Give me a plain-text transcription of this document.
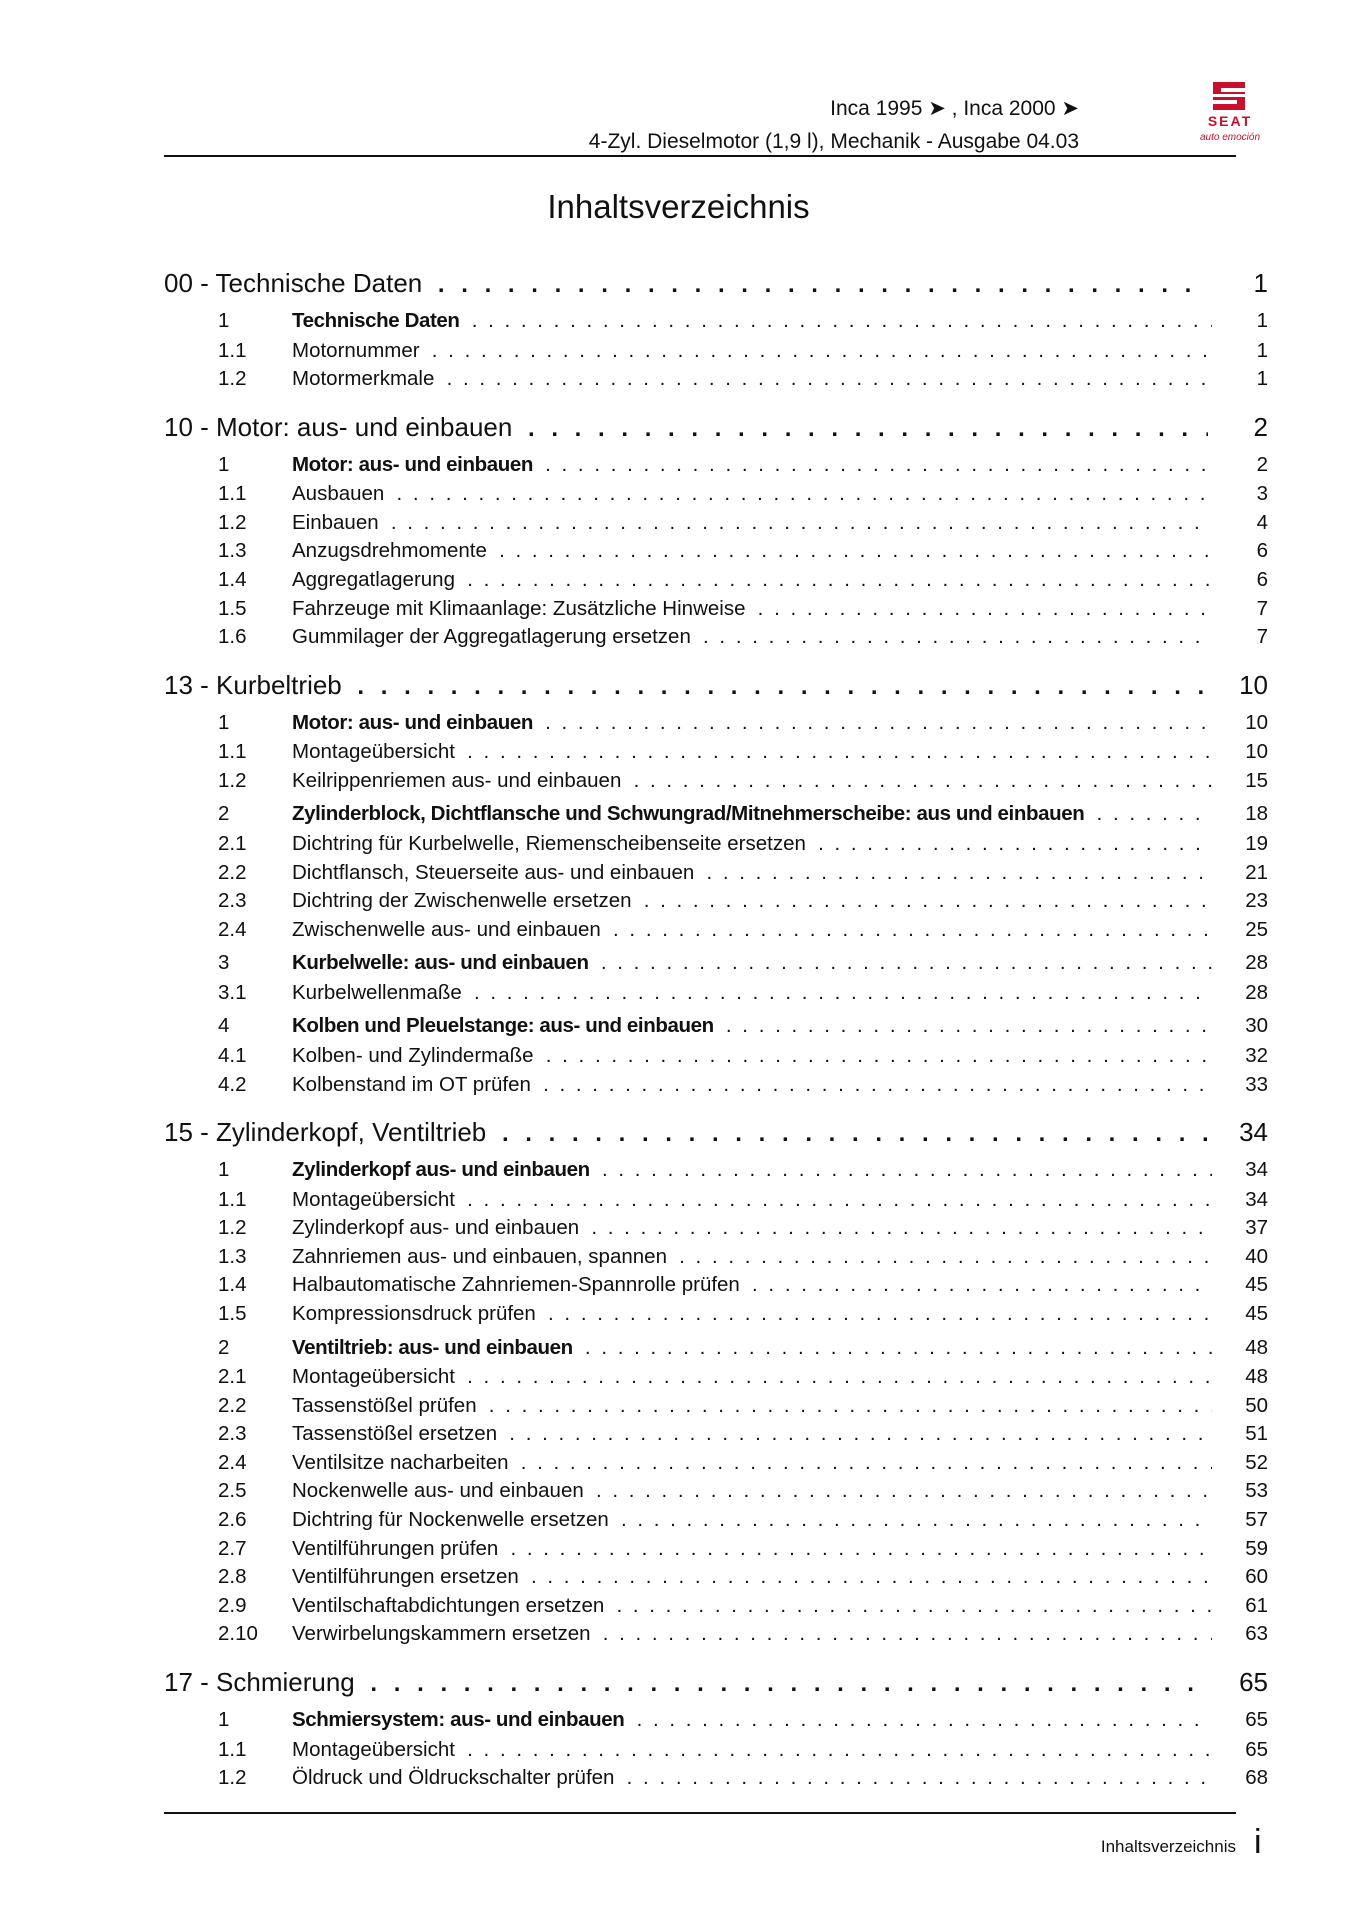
Inca 1995 ➤ , Inca 2000 ➤
4-Zyl. Dieselmotor (1,9 l), Mechanik - Ausgabe 04.03
SEAT
auto emoción
Inhaltsverzeichnis
00 - Technische Daten . . .	1
1	Technische Daten . . .	1
1.1 Motornummer . . .	1
1.2 Motormerkmale . . .	1
10 - Motor: aus- und einbauen . . .	2
1	Motor: aus- und einbauen . . .	2
1.1 Ausbauen . . .	3
1.2 Einbauen . . .	4
1.3 Anzugsdrehmomente . . .	6
1.4 Aggregatlagerung . . .	6
1.5 Fahrzeuge mit Klimaanlage: Zusätzliche Hinweise . . .	7
1.6 Gummilager der Aggregatlagerung ersetzen . . .	7
13 - Kurbeltrieb . . .	10
1	Motor: aus- und einbauen . . .	10
1.1 Montageübersicht . . .	10
1.2 Keilrippenriemen aus- und einbauen . . .	15
2	Zylinderblock, Dichtflansche und Schwungrad/Mitnehmerscheibe: aus und einbauen . . .	18
2.1 Dichtring für Kurbelwelle, Riemenscheibenseite ersetzen . . .	19
2.2 Dichtflansch, Steuerseite aus- und einbauen . . .	21
2.3 Dichtring der Zwischenwelle ersetzen . . .	23
2.4 Zwischenwelle aus- und einbauen . . .	25
3	Kurbelwelle: aus- und einbauen . . .	28
3.1 Kurbelwellenmaße . . .	28
4	Kolben und Pleuelstange: aus- und einbauen . . .	30
4.1 Kolben- und Zylindermaße . . .	32
4.2 Kolbenstand im OT prüfen . . .	33
15 - Zylinderkopf, Ventiltrieb . . .	34
1	Zylinderkopf aus- und einbauen . . .	34
1.1 Montageübersicht . . .	34
1.2 Zylinderkopf aus- und einbauen . . .	37
1.3 Zahnriemen aus- und einbauen, spannen . . .	40
1.4 Halbautomatische Zahnriemen-Spannrolle prüfen . . .	45
1.5 Kompressionsdruck prüfen . . .	45
2	Ventiltrieb: aus- und einbauen . . .	48
2.1 Montageübersicht . . .	48
2.2 Tassenstößel prüfen . . .	50
2.3 Tassenstößel ersetzen . . .	51
2.4 Ventilsitze nacharbeiten . . .	52
2.5 Nockenwelle aus- und einbauen . . .	53
2.6 Dichtring für Nockenwelle ersetzen . . .	57
2.7 Ventilführungen prüfen . . .	59
2.8 Ventilführungen ersetzen . . .	60
2.9 Ventilschaftabdichtungen ersetzen . . .	61
2.10 Verwirbelungskammern ersetzen . . .	63
17 - Schmierung . . .	65
1	Schmiersystem: aus- und einbauen . . .	65
1.1 Montageübersicht . . .	65
1.2 Öldruck und Öldruckschalter prüfen . . .	68
Inhaltsverzeichnis i
